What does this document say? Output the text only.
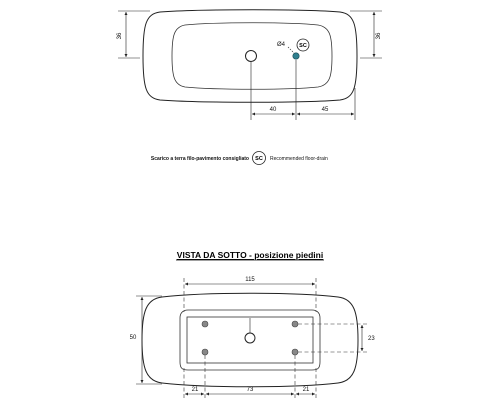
Ø4	SC
36	36
40	45
Scarico a terra filo-pavimento consigliato SC Recommended floor-drain
VISTA DA SOTTO - posizione piedini
115
50	23
21	73	21
